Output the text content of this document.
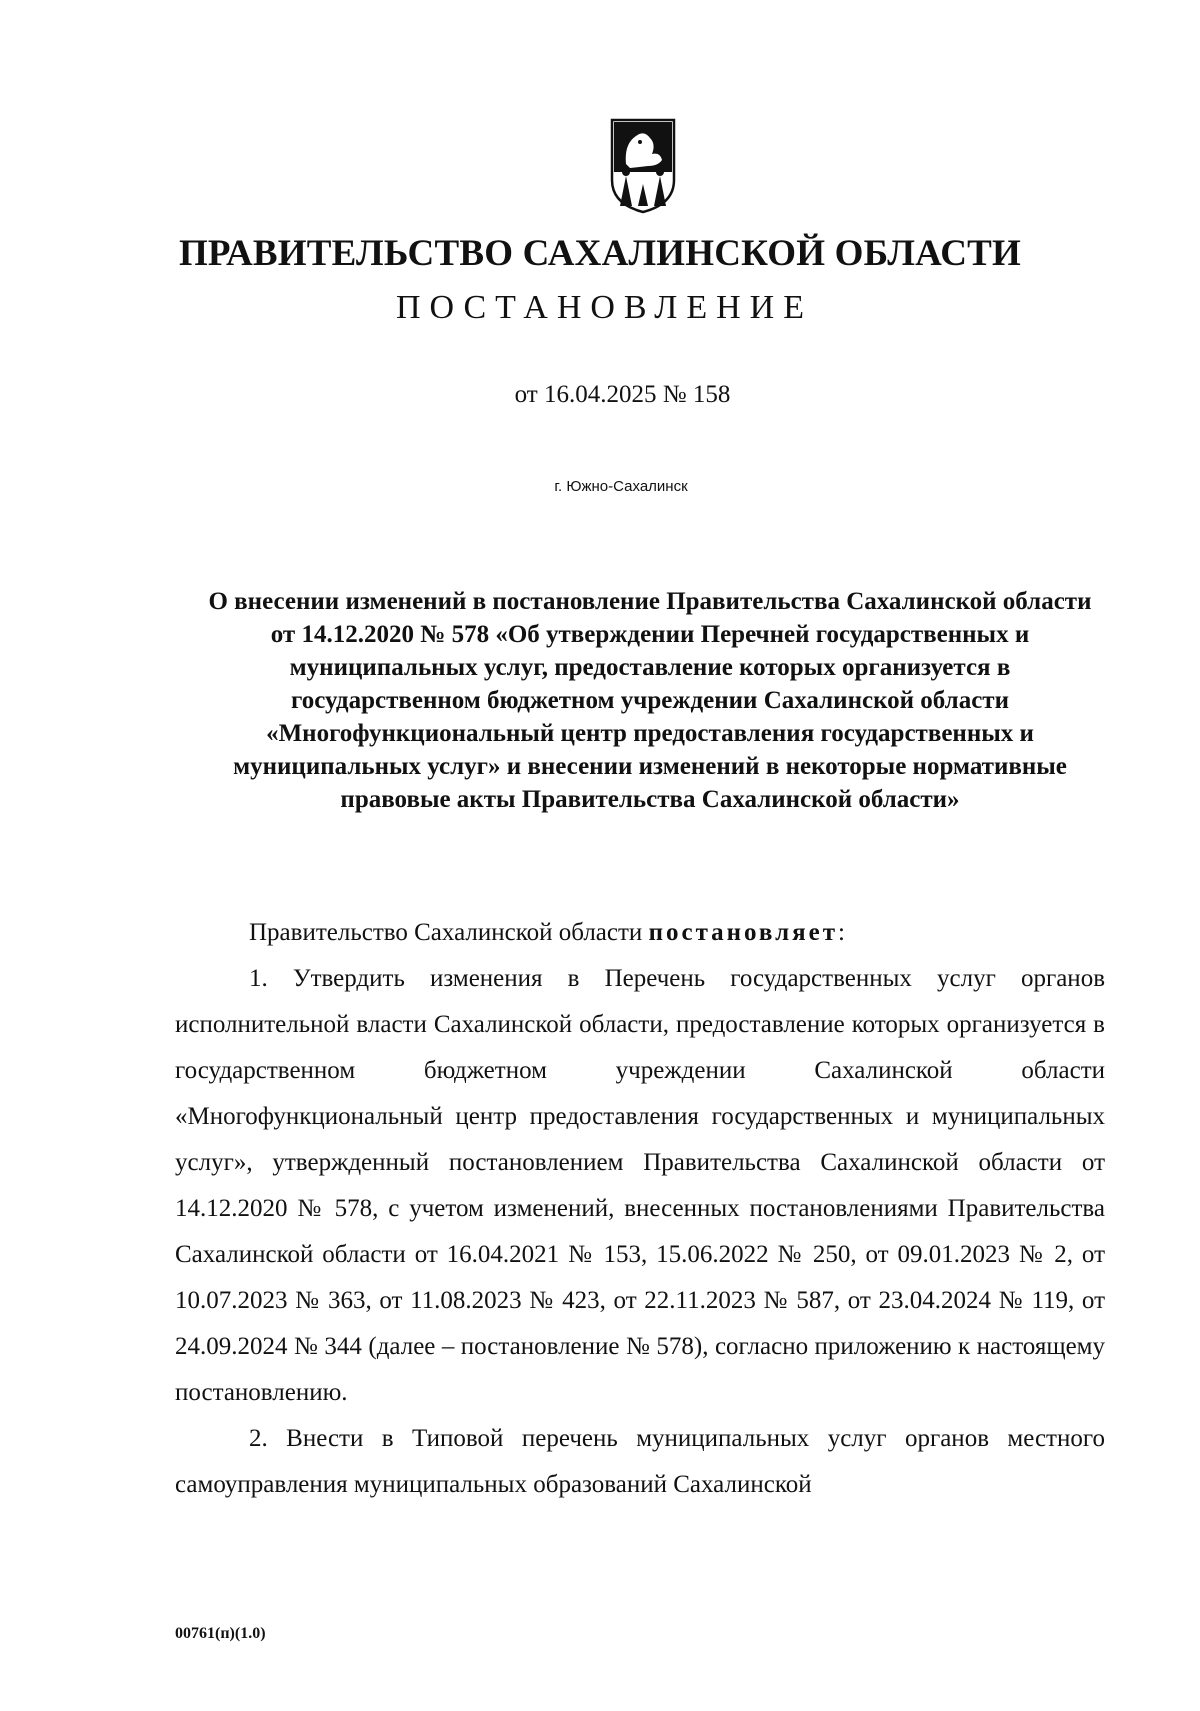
ПРАВИТЕЛЬСТВО САХАЛИНСКОЙ ОБЛАСТИ
ПОСТАНОВЛЕНИЕ
от 16.04.2025 № 158
г. Южно-Сахалинск
О внесении изменений в постановление Правительства Сахалинской области от 14.12.2020 № 578 «Об утверждении Перечней государственных и муниципальных услуг, предоставление которых организуется в государственном бюджетном учреждении Сахалинской области «Многофункциональный центр предоставления государственных и муниципальных услуг» и внесении изменений в некоторые нормативные правовые акты Правительства Сахалинской области»

Правительство Сахалинской области постановляет:

1. Утвердить изменения в Перечень государственных услуг органов исполнительной власти Сахалинской области, предоставление которых организуется в государственном бюджетном учреждении Сахалинской области «Многофункциональный центр предоставления государственных и муниципальных услуг», утвержденный постановлением Правительства Сахалинской области от 14.12.2020 № 578, с учетом изменений, внесенных постановлениями Правительства Сахалинской области от 16.04.2021 № 153, 15.06.2022 № 250, от 09.01.2023 № 2, от 10.07.2023 № 363, от 11.08.2023 № 423, от 22.11.2023 № 587, от 23.04.2024 № 119, от 24.09.2024 № 344 (далее – постановление № 578), согласно приложению к настоящему постановлению.

2. Внести в Типовой перечень муниципальных услуг органов местного самоуправления муниципальных образований Сахалинской

00761(п)(1.0)
